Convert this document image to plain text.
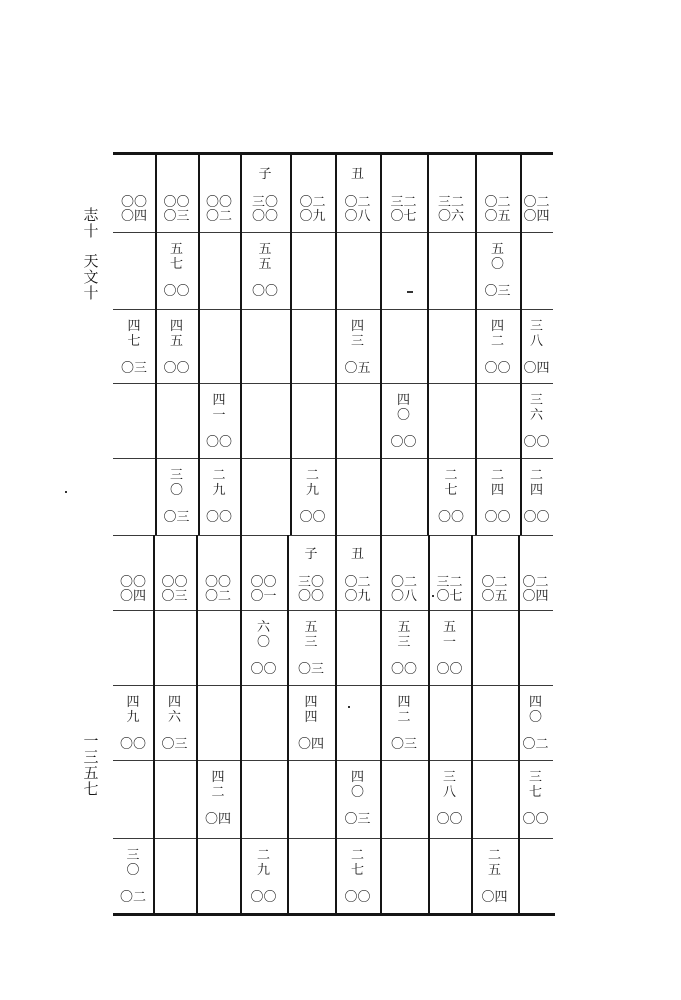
志
十
天
文
十
一
三
五
七
〇〇
〇四
〇〇
〇三
〇〇
〇二
子
三〇
〇〇
〇二
〇九
丑
〇二
〇八
三二
〇七
三二
〇六
〇二
〇五
〇二
〇四
五
七
〇〇
五
五
〇〇
五
〇
〇三
四
七
〇三
四
五
〇〇
四
三
〇五
四
二
〇〇
三
八
〇四
四
一
〇〇
四
〇
〇〇
三
六
〇〇
三
〇
〇三
二
九
〇〇
二
九
〇〇
二
七
〇〇
二
四
〇〇
二
四
〇〇
〇〇
〇四
〇〇
〇三
〇〇
〇二
〇〇
〇一
子
三〇
〇〇
丑
〇二
〇九
〇二
〇八
三二
〇七
〇二
〇五
〇二
〇四
六
〇
〇〇
五
三
〇三
五
三
〇〇
五
一
〇〇
四
九
〇〇
四
六
〇三
四
四
〇四
四
二
〇三
四
〇
〇二
四
二
〇四
四
〇
〇三
三
八
〇〇
三
七
〇〇
三
〇
〇二
二
九
〇〇
二
七
〇〇
二
五
〇四
